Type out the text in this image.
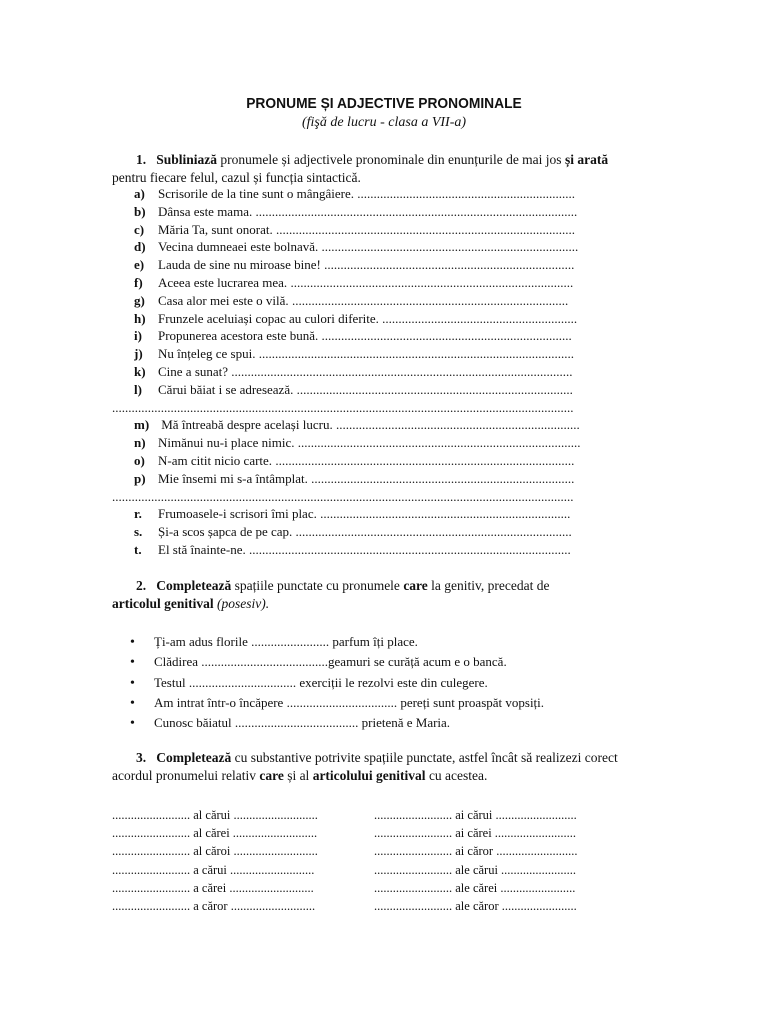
PRONUME ȘI ADJECTIVE PRONOMINALE
(fişă de lucru - clasa a VII-a)
1. Subliniază pronumele și adjectivele pronominale din enunțurile de mai jos și arată pentru fiecare felul, cazul și funcția sintactică.
a) Scrisorile de la tine sunt o mângâiere. ...................................................................
b) Dânsa este mama. ...................................................................................................
c) Măria Ta, sunt onorat. ............................................................................................
d) Vecina dumneaei este bolnavă. ...............................................................................
e) Lauda de sine nu miroase bine! .............................................................................
f) Aceea este lucrarea mea. .......................................................................................
g) Casa alor mei este o vilă. .....................................................................................
h) Frunzele aceluiași copac au culori diferite. ............................................................
i) Propunerea acestora este bună. .............................................................................
j) Nu înțeleg ce spui. .................................................................................................
k) Cine a sunat? .........................................................................................................
l) Cărui băiat i se adresează. .....................................................................................
..............................................................................................................................................
m) Mă întreabă despre același lucru. ...........................................................................
n) Nimănui nu-i place nimic. .......................................................................................
o) N-am citit nicio carte. ............................................................................................
p) Mie însemi mi s-a întâmplat. .................................................................................
..............................................................................................................................................
r. Frumoasele-i scrisori îmi plac. .............................................................................
s. Și-a scos șapca de pe cap. .....................................................................................
t. El stă înainte-ne. ...................................................................................................
2. Completează spațiile punctate cu pronumele care la genitiv, precedat de
articolul genitival (posesiv).
• Ți-am adus florile ........................ parfum îți place.
• Clădirea .......................................geamuri se curăță acum e o bancă.
• Testul ................................. exerciții le rezolvi este din culegere.
• Am intrat într-o încăpere .................................. pereți sunt proaspăt vopsiți.
• Cunosc băiatul ...................................... prietenă e Maria.
3. Completează cu substantive potrivite spațiile punctate, astfel încât să realizezi corect acordul pronumelui relativ care și al articolului genitival cu acestea.
......................... al cărui ...........................	......................... ai cărui ..........................
......................... al cărei ...........................	......................... ai cărei ..........................
......................... al căroi ...........................	......................... ai căror ..........................
......................... a cărui ...........................	......................... ale cărui ........................
......................... a cărei ...........................	......................... ale cărei ........................
......................... a căror ...........................	......................... ale căror ........................
